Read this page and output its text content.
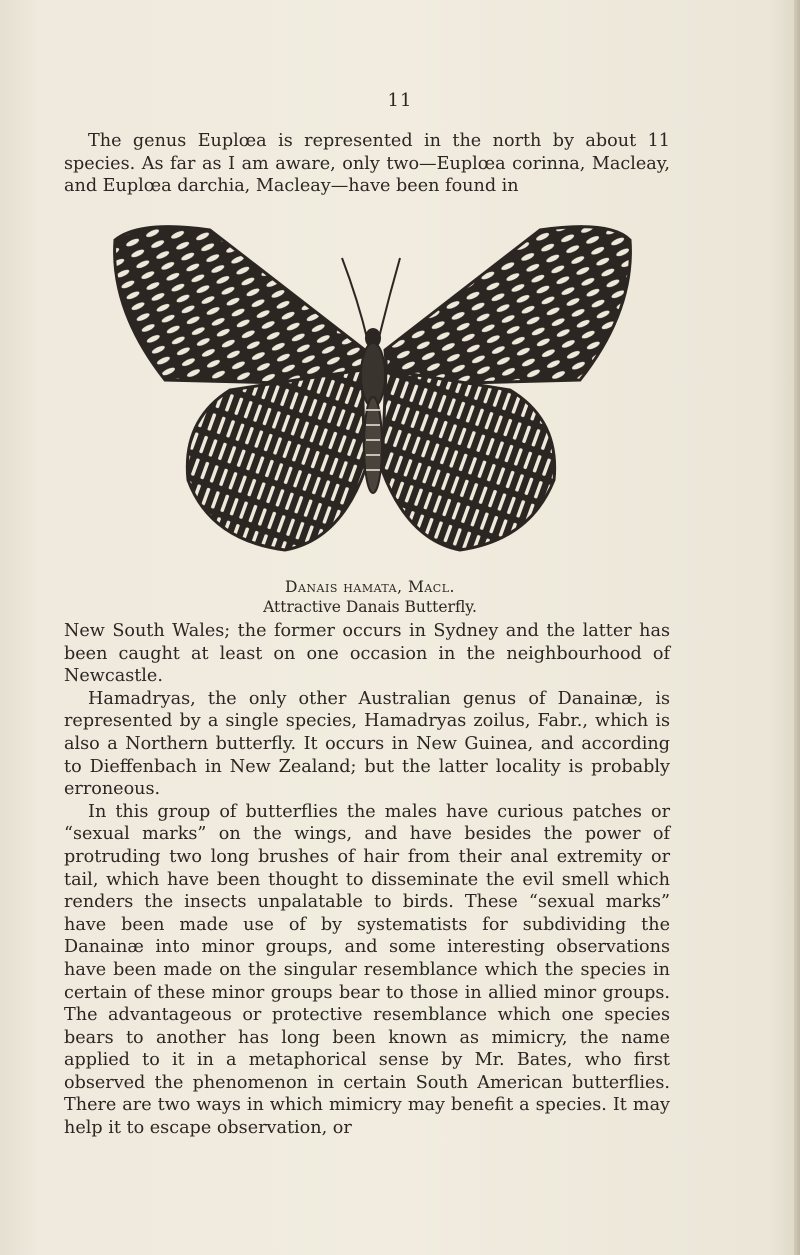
11

The genus Euplœa is represented in the north by about 11 species. As far as I am aware, only two—Euplœa corinna, Macleay, and Euplœa darchia, Macleay—have been found in

Danais hamata, Macl.
Attractive Danais Butterfly.

New South Wales; the former occurs in Sydney and the latter has been caught at least on one occasion in the neighbourhood of Newcastle.

Hamadryas, the only other Australian genus of Danainæ, is represented by a single species, Hamadryas zoilus, Fabr., which is also a Northern butterfly. It occurs in New Guinea, and according to Dieffenbach in New Zealand; but the latter locality is probably erroneous.

In this group of butterflies the males have curious patches or “sexual marks” on the wings, and have besides the power of protruding two long brushes of hair from their anal extremity or tail, which have been thought to disseminate the evil smell which renders the insects unpalatable to birds. These “sexual marks” have been made use of by systematists for subdividing the Danainæ into minor groups, and some interesting observations have been made on the singular resemblance which the species in certain of these minor groups bear to those in allied minor groups. The advantageous or protective resemblance which one species bears to another has long been known as mimicry, the name applied to it in a metaphorical sense by Mr. Bates, who first observed the phenomenon in certain South American butterflies. There are two ways in which mimicry may benefit a species. It may help it to escape observation, or
